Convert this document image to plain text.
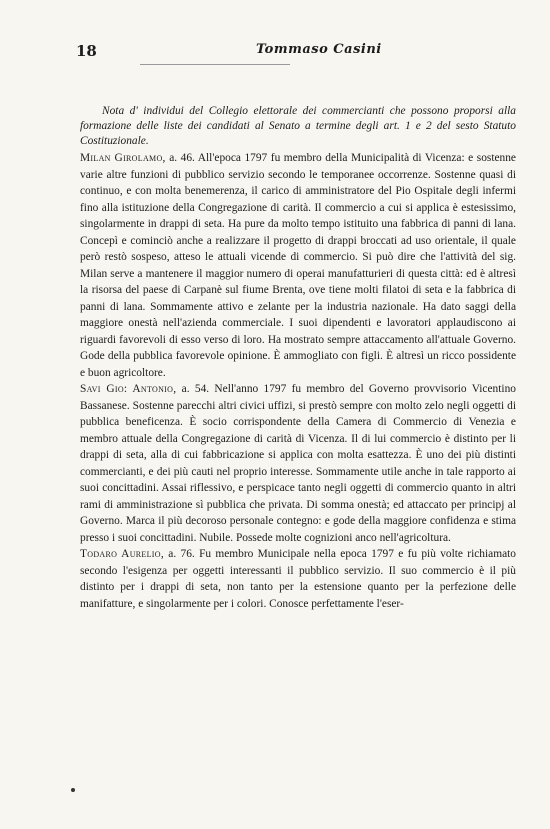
18	Tommaso Casini

Nota d' individui del Collegio elettorale dei commercianti che possono proporsi alla formazione delle liste dei candidati al Senato a termine degli art. 1 e 2 del sesto Statuto Costituzionale.

Milan Girolamo, a. 46. All'epoca 1797 fu membro della Municipalità di Vicenza: e sostenne varie altre funzioni di pubblico servizio secondo le temporanee occorrenze. Sostenne quasi di continuo, e con molta benemerenza, il carico di amministratore del Pio Ospitale degli infermi fino alla istituzione della Congregazione di carità. Il commercio a cui si applica è estesissimo, singolarmente in drappi di seta. Ha pure da molto tempo istituito una fabbrica di panni di lana. Concepì e cominciò anche a realizzare il progetto di drappi broccati ad uso orientale, il quale però restò sospeso, atteso le attuali vicende di commercio. Si può dire che l'attività del sig. Milan serve a mantenere il maggior numero di operai manufatturieri di questa città: ed è altresì la risorsa del paese di Carpanè sul fiume Brenta, ove tiene molti filatoi di seta e la fabbrica di panni di lana. Sommamente attivo e zelante per la industria nazionale. Ha dato saggi della maggiore onestà nell'azienda commerciale. I suoi dipendenti e lavoratori applaudiscono ai riguardi favorevoli di esso verso di loro. Ha mostrato sempre attaccamento all'attuale Governo. Gode della pubblica favorevole opinione. È ammogliato con figli. È altresì un ricco possidente e buon agricoltore.

Savi Gio: Antonio, a. 54. Nell'anno 1797 fu membro del Governo provvisorio Vicentino Bassanese. Sostenne parecchi altri civici uffizi, si prestò sempre con molto zelo negli oggetti di pubblica beneficenza. È socio corrispondente della Camera di Commercio di Venezia e membro attuale della Congregazione di carità di Vicenza. Il di lui commercio è distinto per li drappi di seta, alla di cui fabbricazione si applica con molta esattezza. È uno dei più distinti commercianti, e dei più cauti nel proprio interesse. Sommamente utile anche in tale rapporto ai suoi concittadini. Assai riflessivo, e perspicace tanto negli oggetti di commercio quanto in altri rami di amministrazione sì pubblica che privata. Di somma onestà; ed attaccato per principj al Governo. Marca il più decoroso personale contegno: e gode della maggiore confidenza e stima presso i suoi concittadini. Nubile. Possede molte cognizioni anco nell'agricoltura.

Todaro Aurelio, a. 76. Fu membro Municipale nella epoca 1797 e fu più volte richiamato secondo l'esigenza per oggetti interessanti il pubblico servizio. Il suo commercio è il più distinto per i drappi di seta, non tanto per la estensione quanto per la perfezione delle manifatture, e singolarmente per i colori. Conosce perfettamente l'eser-
